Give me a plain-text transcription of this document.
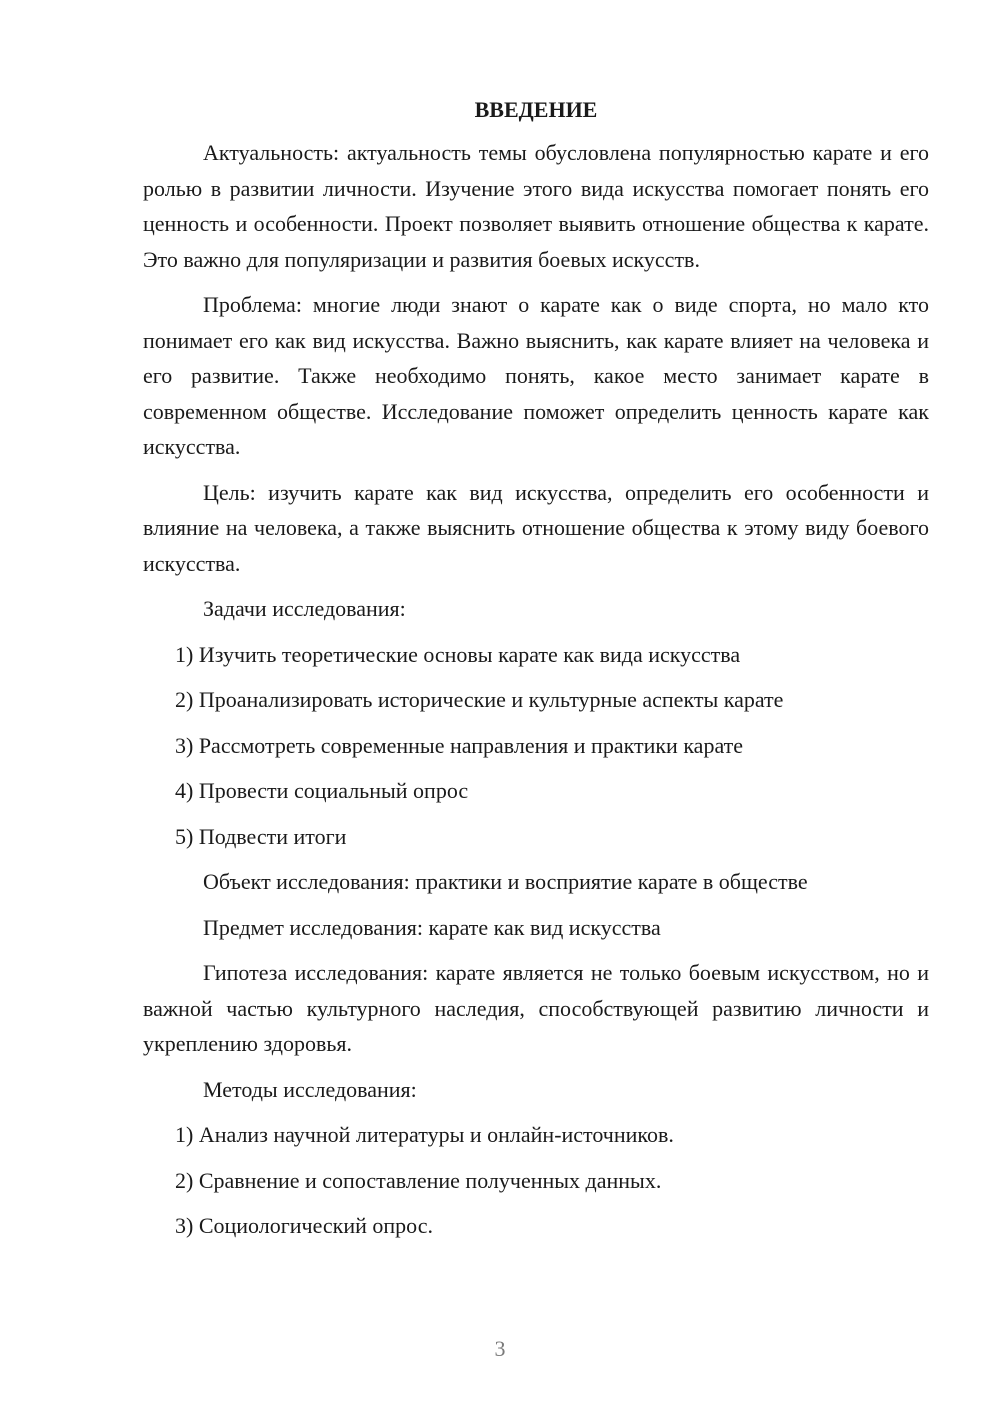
ВВЕДЕНИЕ

Актуальность: актуальность темы обусловлена популярностью карате и его ролью в развитии личности. Изучение этого вида искусства помогает понять его ценность и особенности. Проект позволяет выявить отношение общества к карате. Это важно для популяризации и развития боевых искусств.

Проблема: многие люди знают о карате как о виде спорта, но мало кто понимает его как вид искусства. Важно выяснить, как карате влияет на человека и его развитие. Также необходимо понять, какое место занимает карате в современном обществе. Исследование поможет определить ценность карате как искусства.

Цель: изучить карате как вид искусства, определить его особенности и влияние на человека, а также выяснить отношение общества к этому виду боевого искусства.

Задачи исследования:
1) Изучить теоретические основы карате как вида искусства
2) Проанализировать исторические и культурные аспекты карате
3) Рассмотреть современные направления и практики карате
4) Провести социальный опрос
5) Подвести итоги
Объект исследования: практики и восприятие карате в обществе
Предмет исследования: карате как вид искусства

Гипотеза исследования: карате является не только боевым искусством, но и важной частью культурного наследия, способствующей развитию личности и укреплению здоровья.

Методы исследования:
1) Анализ научной литературы и онлайн-источников.
2) Сравнение и сопоставление полученных данных.
3) Социологический опрос.
3
